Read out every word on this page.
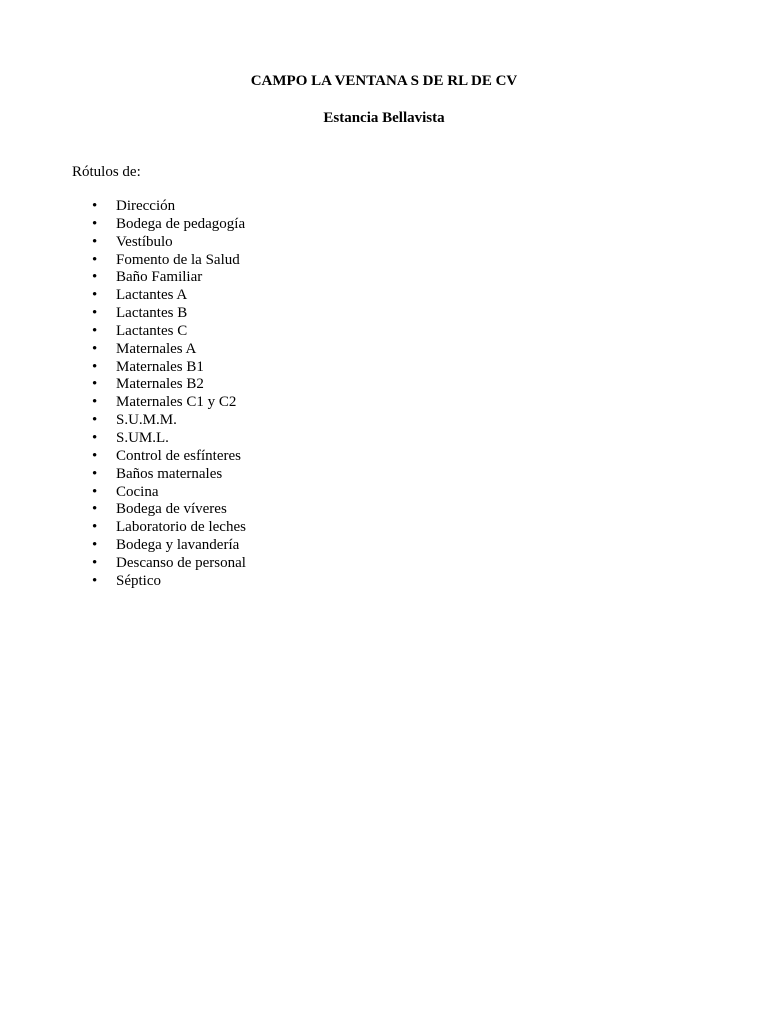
CAMPO LA VENTANA S DE RL DE CV

Estancia Bellavista

Rótulos de:

• Dirección
• Bodega de pedagogía
• Vestíbulo
• Fomento de la Salud
• Baño Familiar
• Lactantes A
• Lactantes B
• Lactantes C
• Maternales A
• Maternales B1
• Maternales B2
• Maternales C1 y C2
• S.U.M.M.
• S.UM.L.
• Control de esfínteres
• Baños maternales
• Cocina
• Bodega de víveres
• Laboratorio de leches
• Bodega y lavandería
• Descanso de personal
• Séptico
